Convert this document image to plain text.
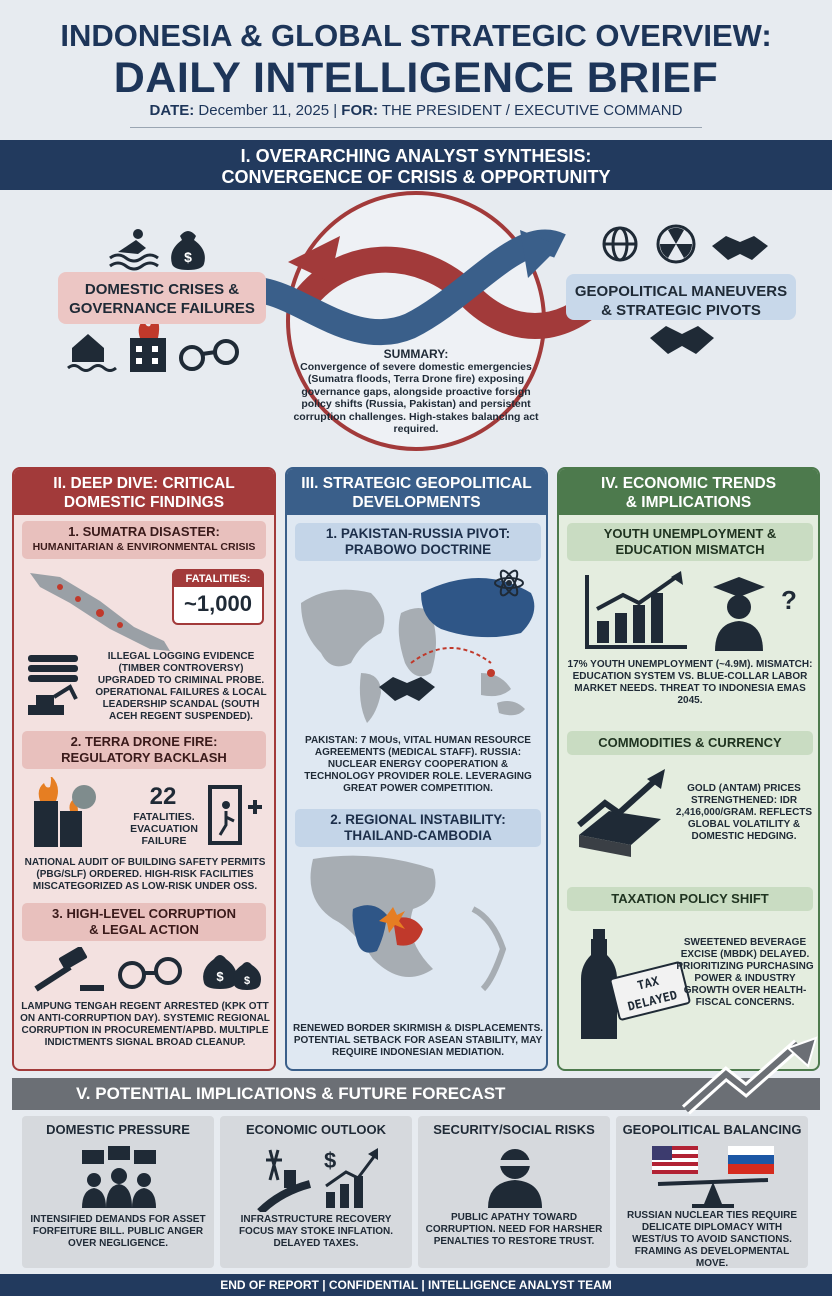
INDONESIA & GLOBAL STRATEGIC OVERVIEW:
DAILY INTELLIGENCE BRIEF
DATE: December 11, 2025 | FOR: THE PRESIDENT / EXECUTIVE COMMAND
I. OVERARCHING ANALYST SYNTHESIS:
CONVERGENCE OF CRISIS & OPPORTUNITY
$
DOMESTIC CRISES &
GOVERNANCE FAILURES
GEOPOLITICAL MANEUVERS
& STRATEGIC PIVOTS
SUMMARY:
Convergence of severe domestic emergencies (Sumatra floods, Terra Drone fire) exposing governance gaps, alongside proactive forsign policy shifts (Russia, Pakistan) and persistent corruption challenges. High-stakes balancing act required.
II. DEEP DIVE: CRITICAL
DOMESTIC FINDINGS
1. SUMATRA DISASTER:
HUMANITARIAN & ENVIRONMENTAL CRISIS
FATALITIES:
~1,000
ILLEGAL LOGGING EVIDENCE (TIMBER CONTROVERSY) UPGRADED TO CRIMINAL PROBE. OPERATIONAL FAILURES & LOCAL LEADERSHIP SCANDAL (SOUTH ACEH REGENT SUSPENDED).
2. TERRA DRONE FIRE:
REGULATORY BACKLASH
22
FATALITIES.
EVACUATION
FAILURE
NATIONAL AUDIT OF BUILDING SAFETY PERMITS (PBG/SLF) ORDERED. HIGH-RISK FACILITIES MISCATEGORIZED AS LOW-RISK UNDER OSS.
3. HIGH-LEVEL CORRUPTION
& LEGAL ACTION
$ $
LAMPUNG TENGAH REGENT ARRESTED (KPK OTT ON ANTI-CORRUPTION DAY). SYSTEMIC REGIONAL CORRUPTION IN PROCUREMENT/APBD. MULTIPLE INDICTMENTS SIGNAL BROAD CLEANUP.
III. STRATEGIC GEOPOLITICAL
DEVELOPMENTS
1. PAKISTAN-RUSSIA PIVOT:
PRABOWO DOCTRINE
PAKISTAN: 7 MOUs, VITAL HUMAN RESOURCE AGREEMENTS (MEDICAL STAFF). RUSSIA: NUCLEAR ENERGY COOPERATION & TECHNOLOGY PROVIDER ROLE. LEVERAGING GREAT POWER COMPETITION.
2. REGIONAL INSTABILITY:
THAILAND-CAMBODIA
RENEWED BORDER SKIRMISH & DISPLACEMENTS. POTENTIAL SETBACK FOR ASEAN STABILITY, MAY REQUIRE INDONESIAN MEDIATION.
IV. ECONOMIC TRENDS
& IMPLICATIONS
YOUTH UNEMPLOYMENT &
EDUCATION MISMATCH
?
17% YOUTH UNEMPLOYMENT (~4.9M). MISMATCH: EDUCATION SYSTEM VS. BLUE-COLLAR LABOR MARKET NEEDS. THREAT TO INDONESIA EMAS 2045.
COMMODITIES & CURRENCY
GOLD (ANTAM) PRICES STRENGTHENED: IDR 2,416,000/GRAM. REFLECTS GLOBAL VOLATILITY & DOMESTIC HEDGING.
TAXATION POLICY SHIFT
TAX
DELAYED
SWEETENED BEVERAGE EXCISE (MBDK) DELAYED. PRIORITIZING PURCHASING POWER & INDUSTRY GROWTH OVER HEALTH-FISCAL CONCERNS.
V. POTENTIAL IMPLICATIONS & FUTURE FORECAST
DOMESTIC PRESSURE
INTENSIFIED DEMANDS FOR ASSET FORFEITURE BILL. PUBLIC ANGER OVER NEGLIGENCE.
ECONOMIC OUTLOOK
$
INFRASTRUCTURE RECOVERY FOCUS MAY STOKE INFLATION. DELAYED TAXES.
SECURITY/SOCIAL RISKS
PUBLIC APATHY TOWARD CORRUPTION. NEED FOR HARSHER PENALTIES TO RESTORE TRUST.
GEOPOLITICAL BALANCING
RUSSIAN NUCLEAR TIES REQUIRE DELICATE DIPLOMACY WITH WEST/US TO AVOID SANCTIONS. FRAMING AS DEVELOPMENTAL MOVE.
END OF REPORT | CONFIDENTIAL | INTELLIGENCE ANALYST TEAM
